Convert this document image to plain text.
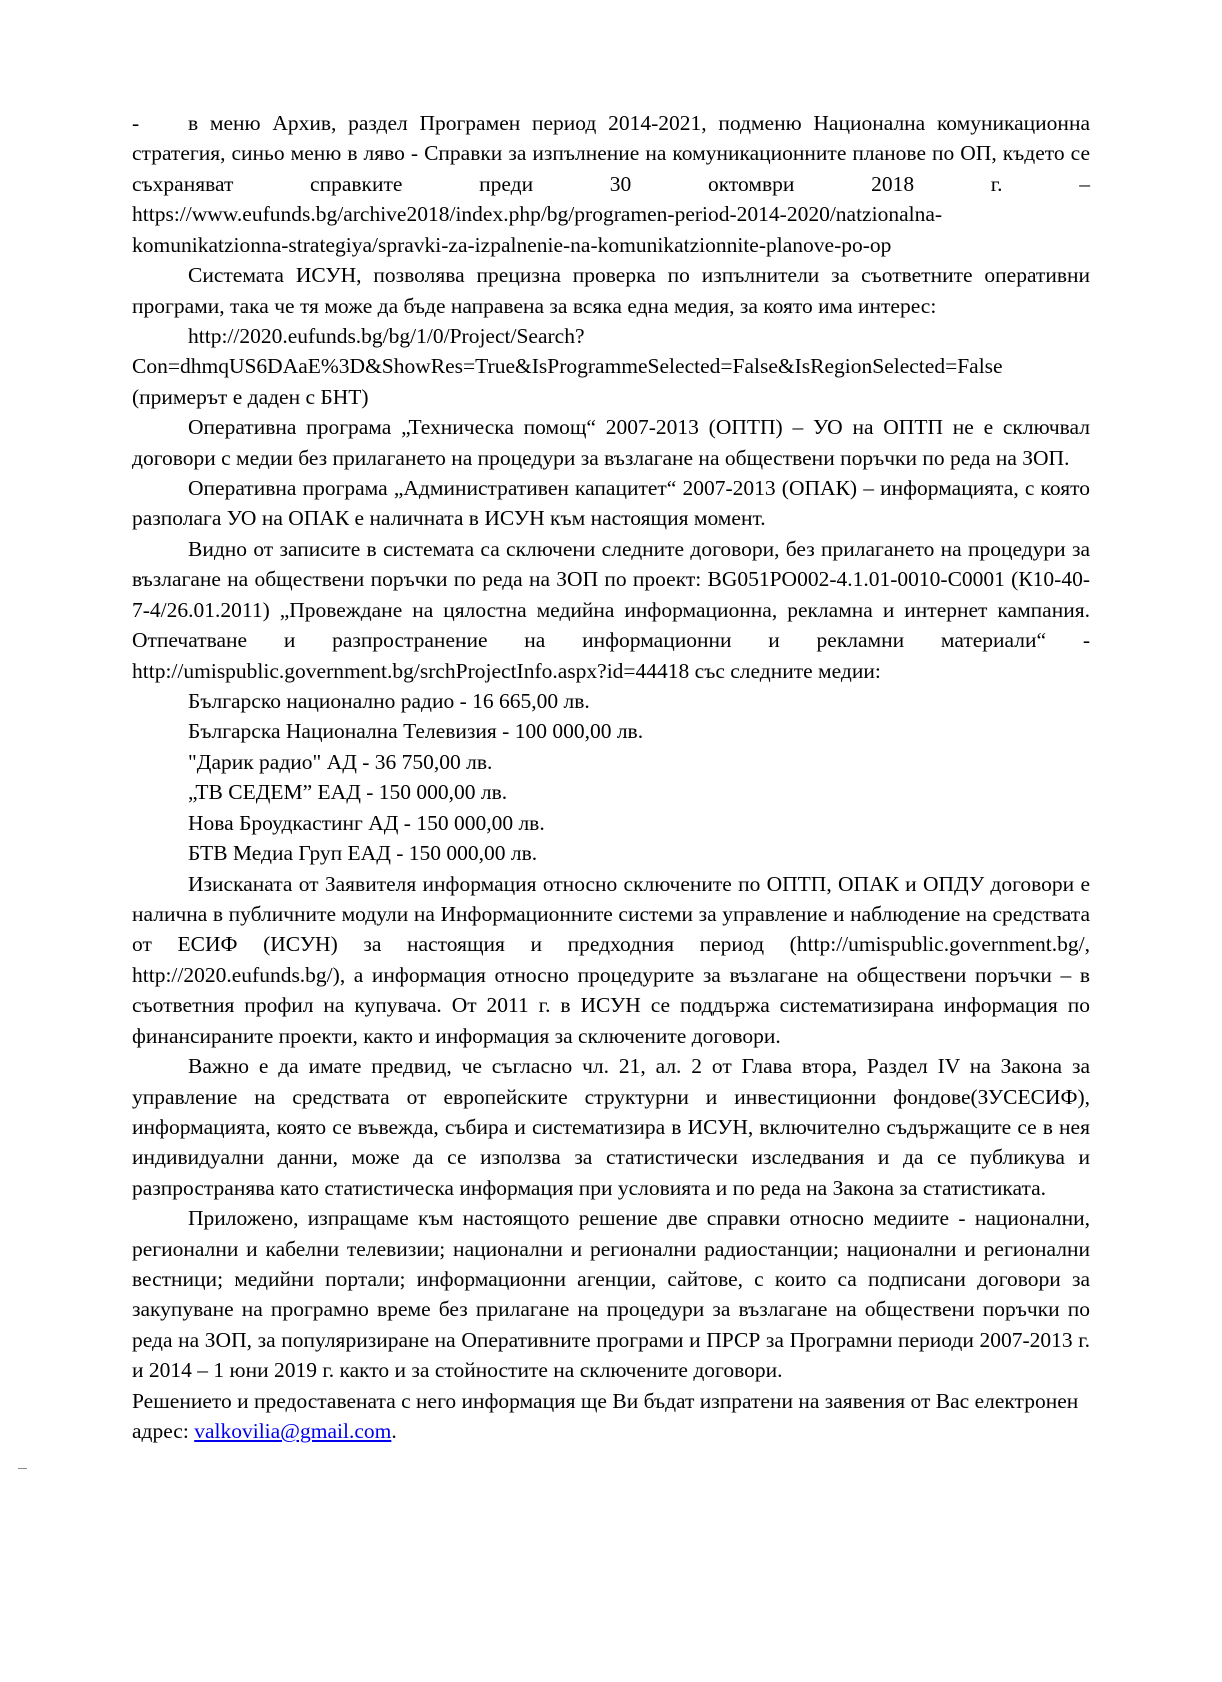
- в меню Архив, раздел Програмен период 2014-2021, подменю Национална комуникационна стратегия, синьо меню в ляво - Справки за изпълнение на комуникационните планове по ОП, където се съхраняват справките преди 30 октомври 2018 г. – https://www.eufunds.bg/archive2018/index.php/bg/programen-period-2014-2020/natzionalna-komunikatzionna-strategiya/spravki-za-izpalnenie-na-komunikatzionnite-planove-po-op

Системата ИСУН, позволява прецизна проверка по изпълнители за съответните оперативни програми, така че тя може да бъде направена за всяка една медия, за която има интерес:

http://2020.eufunds.bg/bg/1/0/Project/Search?Con=dhmqUS6DAaE%3D&ShowRes=True&IsProgrammeSelected=False&IsRegionSelected=False (примерът е даден с БНТ)

Оперативна програма „Техническа помощ“ 2007-2013 (ОПТП) – УО на ОПТП не е сключвал договори с медии без прилагането на процедури за възлагане на обществени поръчки по реда на ЗОП.

Оперативна програма „Административен капацитет“ 2007-2013 (ОПАК) – информацията, с която разполага УО на ОПАК е наличната в ИСУН към настоящия момент.

Видно от записите в системата са сключени следните договори, без прилагането на процедури за възлагане на обществени поръчки по реда на ЗОП по проект: BG051PO002-4.1.01-0010-C0001 (К10-40-7-4/26.01.2011) „Провеждане на цялостна медийна информационна, рекламна и интернет кампания. Отпечатване и разпространение на информационни и рекламни материали“ - http://umispublic.government.bg/srchProjectInfo.aspx?id=44418 със следните медии:

Българско национално радио - 16 665,00 лв.

Българска Национална Телевизия - 100 000,00 лв.

"Дарик радио" АД - 36 750,00 лв.

„ТВ СЕДЕМ” ЕАД - 150 000,00 лв.

Нова Броудкастинг АД - 150 000,00 лв.

БТВ Медиа Груп ЕАД - 150 000,00 лв.

Изисканата от Заявителя информация относно сключените по ОПТП, ОПАК и ОПДУ договори е налична в публичните модули на Информационните системи за управление и наблюдение на средствата от ЕСИФ (ИСУН) за настоящия и предходния период (http://umispublic.government.bg/, http://2020.eufunds.bg/), а информация относно процедурите за възлагане на обществени поръчки – в съответния профил на купувача. От 2011 г. в ИСУН се поддържа систематизирана информация по финансираните проекти, както и информация за сключените договори.

Важно е да имате предвид, че съгласно чл. 21, ал. 2 от Глава втора, Раздел IV на Закона за управление на средствата от европейските структурни и инвестиционни фондове(ЗУСЕСИФ), информацията, която се въвежда, събира и систематизира в ИСУН, включително съдържащите се в нея индивидуални данни, може да се използва за статистически изследвания и да се публикува и разпространява като статистическа информация при условията и по реда на Закона за статистиката.

Приложено, изпращаме към настоящото решение две справки относно медиите - национални, регионални и кабелни телевизии; национални и регионални радиостанции; национални и регионални вестници; медийни портали; информационни агенции, сайтове, с които са подписани договори за закупуване на програмно време без прилагане на процедури за възлагане на обществени поръчки по реда на ЗОП, за популяризиране на Оперативните програми и ПРСР за Програмни периоди 2007-2013 г. и 2014 – 1 юни 2019 г. както и за стойностите на сключените договори.

Решението и предоставената с него информация ще Ви бъдат изпратени на заявения от Вас електронен адрес: valkovilia@gmail.com.
